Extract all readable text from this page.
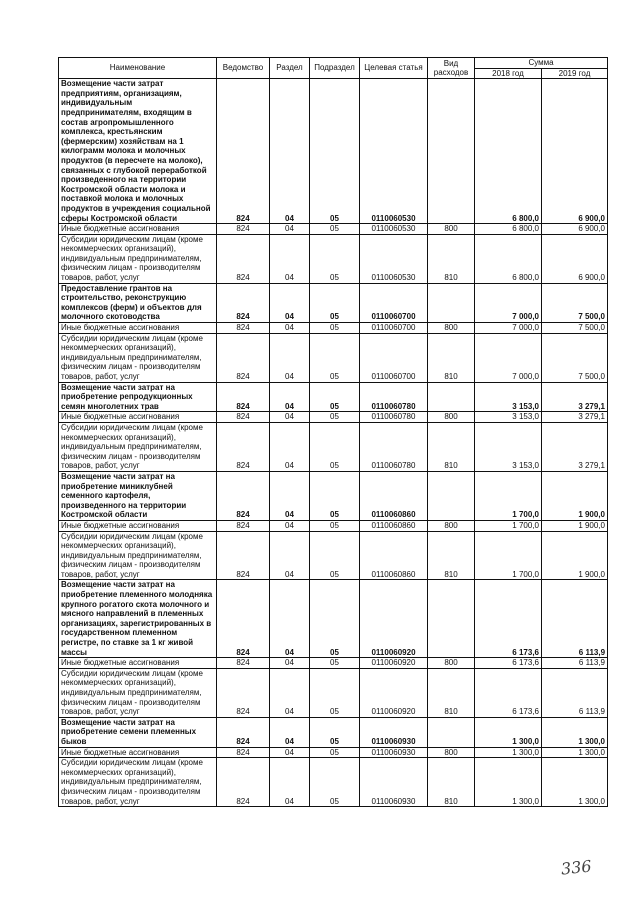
Наименование	Ведомство	Раздел	Подраздел	Целевая статья	Вид расходов	Сумма	
						2018 год	2019 год
Возмещение части затрат предприятиям, организациям, индивидуальным предпринимателям, входящим в состав агропромышленного комплекса, крестьянским (фермерским) хозяйствам на 1 килограмм молока и молочных продуктов (в пересчете на молоко), связанных с глубокой переработкой произведенного на территории Костромской области молока и поставкой молока и молочных продуктов в учреждения социальной сферы Костромской области	824	04	05	0110060530		6 800,0	6 900,0
Иные бюджетные ассигнования	824	04	05	0110060530	800	6 800,0	6 900,0
Субсидии юридическим лицам (кроме некоммерческих организаций), индивидуальным предпринимателям, физическим лицам - производителям товаров, работ, услуг	824	04	05	0110060530	810	6 800,0	6 900,0
Предоставление грантов на строительство, реконструкцию комплексов (ферм) и объектов для молочного скотоводства	824	04	05	0110060700		7 000,0	7 500,0
Иные бюджетные ассигнования	824	04	05	0110060700	800	7 000,0	7 500,0
Субсидии юридическим лицам (кроме некоммерческих организаций), индивидуальным предпринимателям, физическим лицам - производителям товаров, работ, услуг	824	04	05	0110060700	810	7 000,0	7 500,0
Возмещение части затрат на приобретение репродукционных семян многолетних трав	824	04	05	0110060780		3 153,0	3 279,1
Иные бюджетные ассигнования	824	04	05	0110060780	800	3 153,0	3 279,1
Субсидии юридическим лицам (кроме некоммерческих организаций), индивидуальным предпринимателям, физическим лицам - производителям товаров, работ, услуг	824	04	05	0110060780	810	3 153,0	3 279,1
Возмещение части затрат на приобретение миниклубней семенного картофеля, произведенного на территории Костромской области	824	04	05	0110060860		1 700,0	1 900,0
Иные бюджетные ассигнования	824	04	05	0110060860	800	1 700,0	1 900,0
Субсидии юридическим лицам (кроме некоммерческих организаций), индивидуальным предпринимателям, физическим лицам - производителям товаров, работ, услуг	824	04	05	0110060860	810	1 700,0	1 900,0
Возмещение части затрат на приобретение племенного молодняка крупного рогатого скота молочного и мясного направлений в племенных организациях, зарегистрированных в государственном племенном регистре, по ставке за 1 кг живой массы	824	04	05	0110060920		6 173,6	6 113,9
Иные бюджетные ассигнования	824	04	05	0110060920	800	6 173,6	6 113,9
Субсидии юридическим лицам (кроме некоммерческих организаций), индивидуальным предпринимателям, физическим лицам - производителям товаров, работ, услуг	824	04	05	0110060920	810	6 173,6	6 113,9
Возмещение части затрат на приобретение семени племенных быков	824	04	05	0110060930		1 300,0	1 300,0
Иные бюджетные ассигнования	824	04	05	0110060930	800	1 300,0	1 300,0
Субсидии юридическим лицам (кроме некоммерческих организаций), индивидуальным предпринимателям, физическим лицам - производителям товаров, работ, услуг	824	04	05	0110060930	810	1 300,0	1 300,0
336
